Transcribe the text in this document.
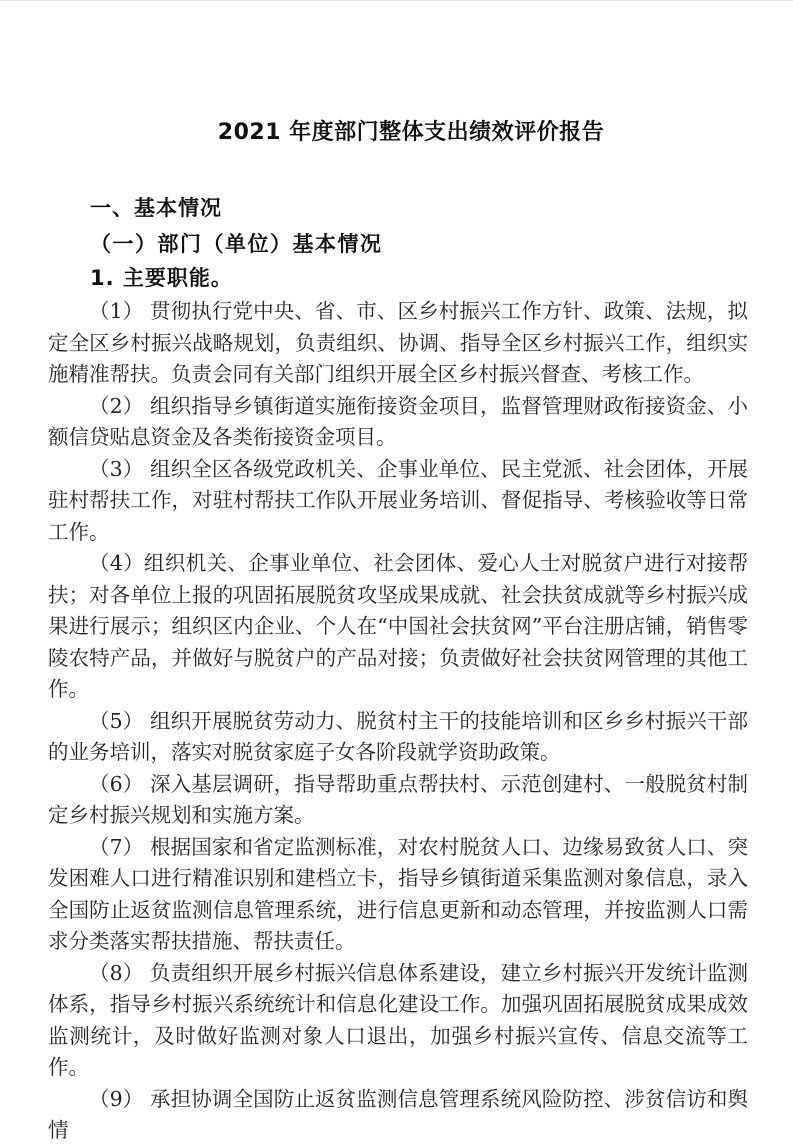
2021 年度部门整体支出绩效评价报告
一、基本情况
（一）部门（单位）基本情况
1. 主要职能。

（1） 贯彻执行党中央、省、市、区乡村振兴工作方针、政策、法规，拟定全区乡村振兴战略规划，负责组织、协调、指导全区乡村振兴工作，组织实施精准帮扶。负责会同有关部门组织开展全区乡村振兴督查、考核工作。

（2） 组织指导乡镇街道实施衔接资金项目，监督管理财政衔接资金、小额信贷贴息资金及各类衔接资金项目。

（3） 组织全区各级党政机关、企事业单位、民主党派、社会团体，开展驻村帮扶工作，对驻村帮扶工作队开展业务培训、督促指导、考核验收等日常工作。

（4）组织机关、企事业单位、社会团体、爱心人士对脱贫户进行对接帮扶；对各单位上报的巩固拓展脱贫攻坚成果成就、社会扶贫成就等乡村振兴成果进行展示；组织区内企业、个人在“中国社会扶贫网”平台注册店铺，销售零陵农特产品，并做好与脱贫户的产品对接；负责做好社会扶贫网管理的其他工作。

（5） 组织开展脱贫劳动力、脱贫村主干的技能培训和区乡乡村振兴干部的业务培训，落实对脱贫家庭子女各阶段就学资助政策。

（6） 深入基层调研，指导帮助重点帮扶村、示范创建村、一般脱贫村制定乡村振兴规划和实施方案。

（7） 根据国家和省定监测标准，对农村脱贫人口、边缘易致贫人口、突发困难人口进行精准识别和建档立卡，指导乡镇街道采集监测对象信息，录入全国防止返贫监测信息管理系统，进行信息更新和动态管理，并按监测人口需求分类落实帮扶措施、帮扶责任。

（8） 负责组织开展乡村振兴信息体系建设，建立乡村振兴开发统计监测体系，指导乡村振兴系统统计和信息化建设工作。加强巩固拓展脱贫成果成效监测统计，及时做好监测对象人口退出，加强乡村振兴宣传、信息交流等工作。

（9） 承担协调全国防止返贫监测信息管理系统风险防控、涉贫信访和舆情
